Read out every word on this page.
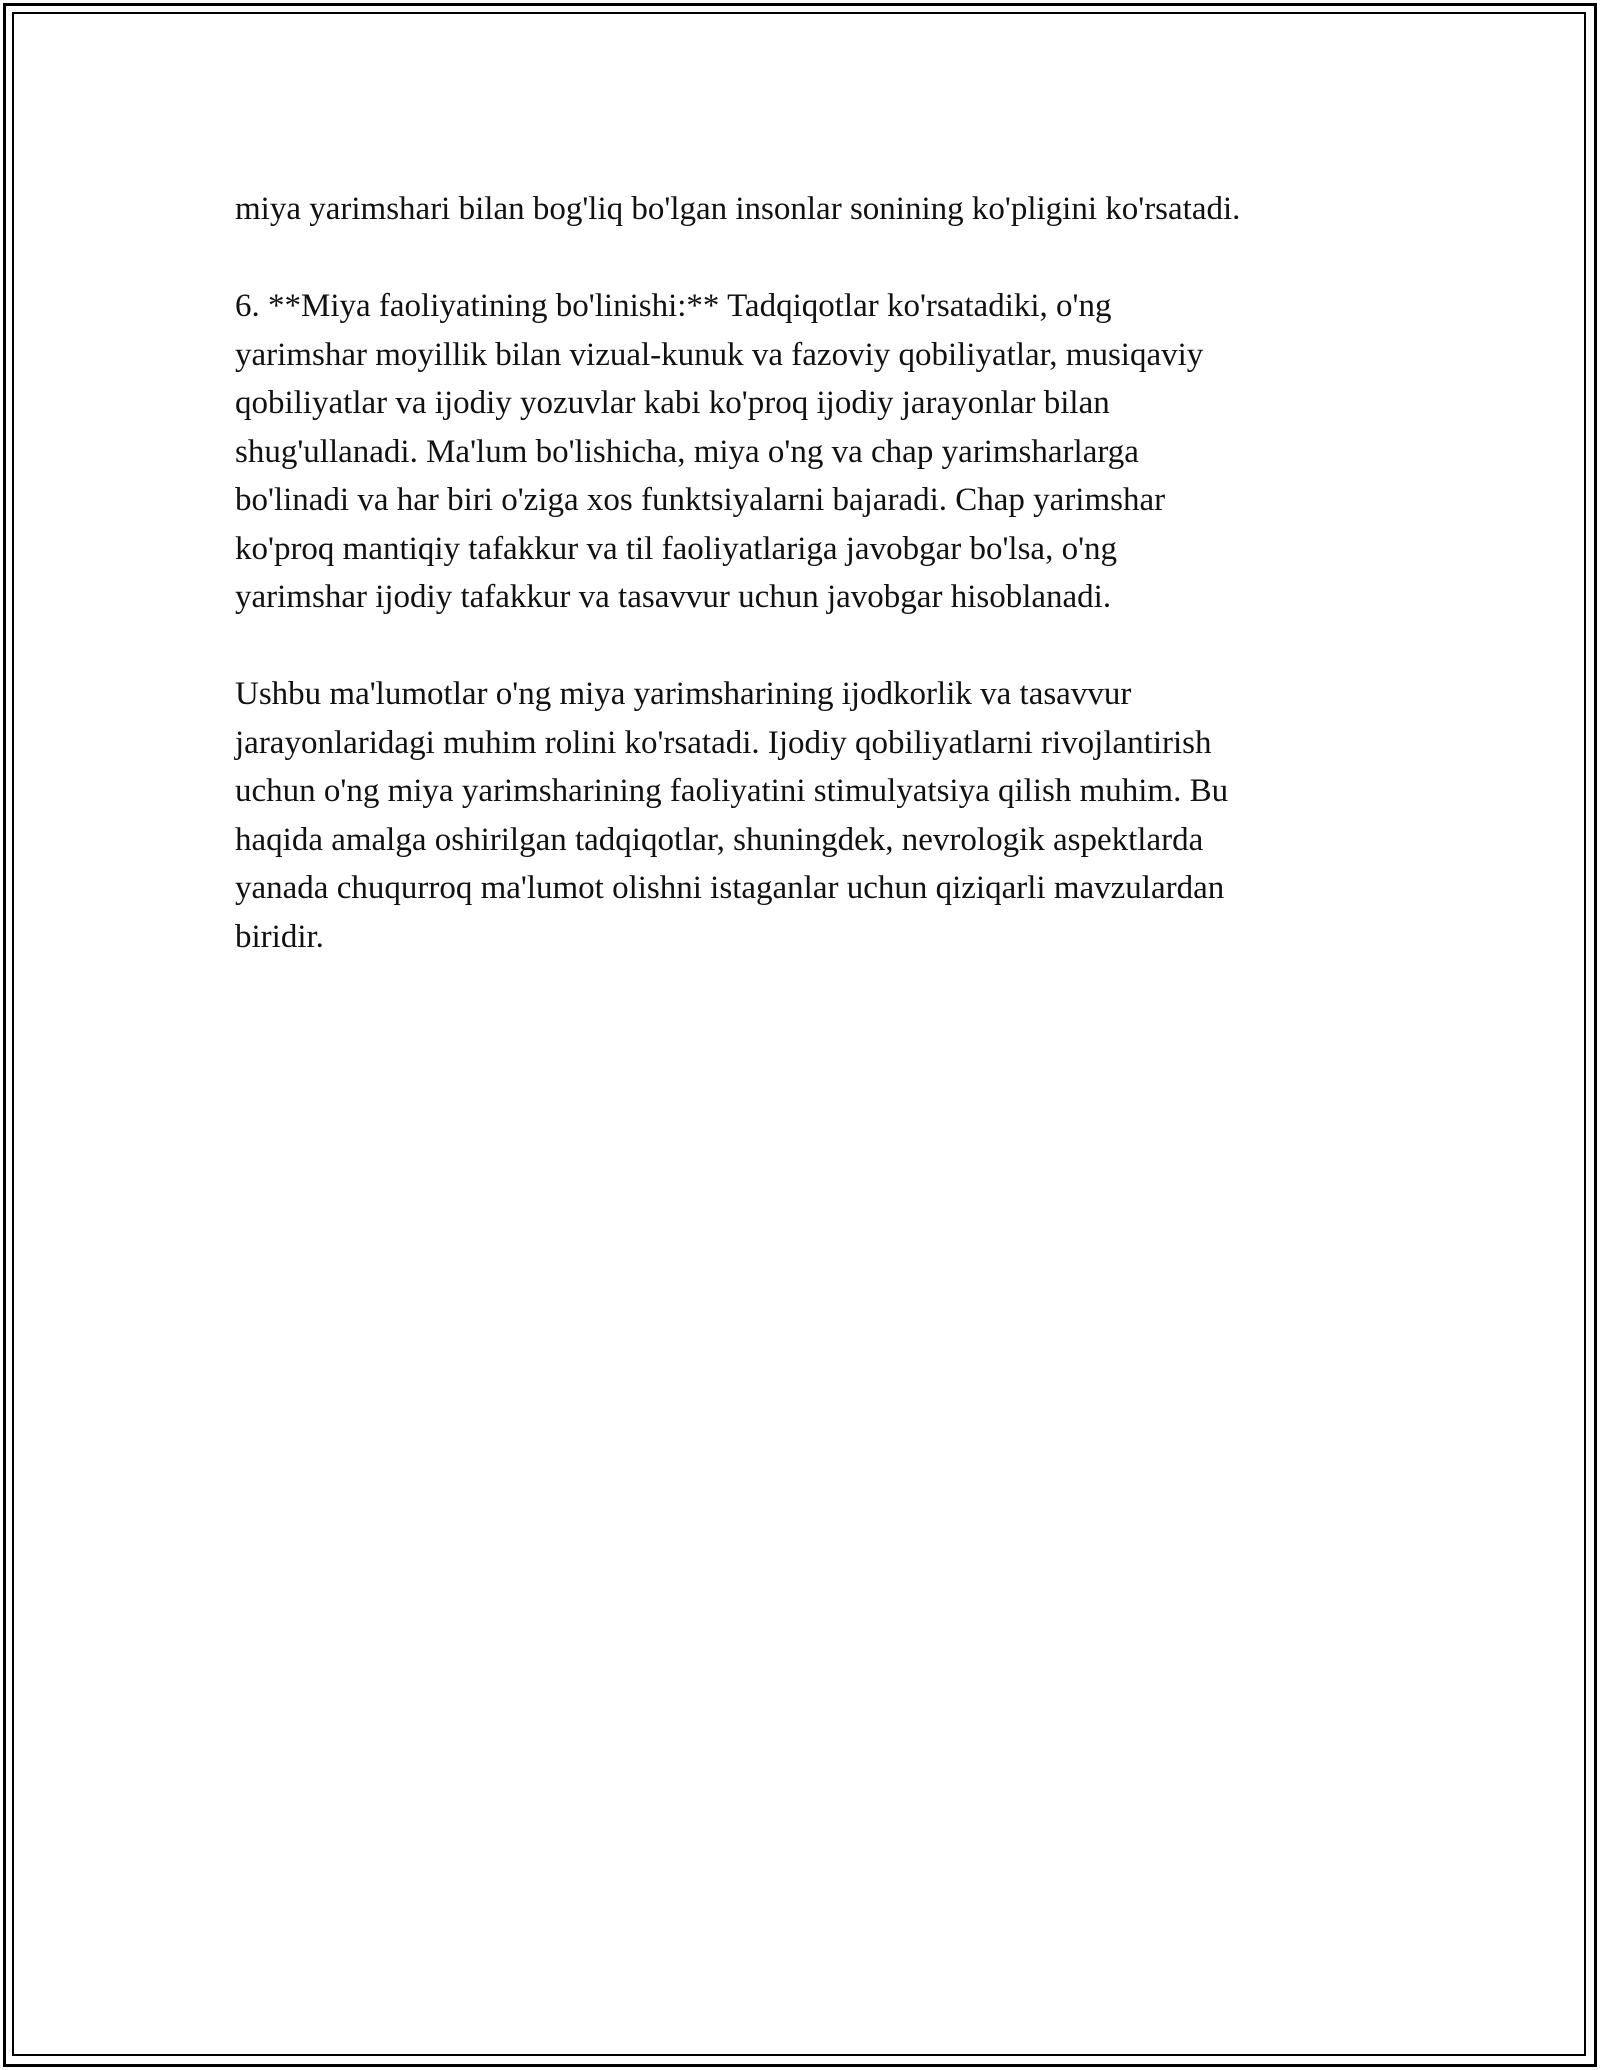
miya yarimshari bilan bog'liq bo'lgan insonlar sonining ko'pligini ko'rsatadi.

6. **Miya faoliyatining bo'linishi:** Tadqiqotlar ko'rsatadiki, o'ng
yarimshar moyillik bilan vizual-kunuk va fazoviy qobiliyatlar, musiqaviy
qobiliyatlar va ijodiy yozuvlar kabi ko'proq ijodiy jarayonlar bilan
shug'ullanadi. Ma'lum bo'lishicha, miya o'ng va chap yarimsharlarga
bo'linadi va har biri o'ziga xos funktsiyalarni bajaradi. Chap yarimshar
ko'proq mantiqiy tafakkur va til faoliyatlariga javobgar bo'lsa, o'ng
yarimshar ijodiy tafakkur va tasavvur uchun javobgar hisoblanadi.

Ushbu ma'lumotlar o'ng miya yarimsharining ijodkorlik va tasavvur
jarayonlaridagi muhim rolini ko'rsatadi. Ijodiy qobiliyatlarni rivojlantirish
uchun o'ng miya yarimsharining faoliyatini stimulyatsiya qilish muhim. Bu
haqida amalga oshirilgan tadqiqotlar, shuningdek, nevrologik aspektlarda
yanada chuqurroq ma'lumot olishni istaganlar uchun qiziqarli mavzulardan
biridir.
